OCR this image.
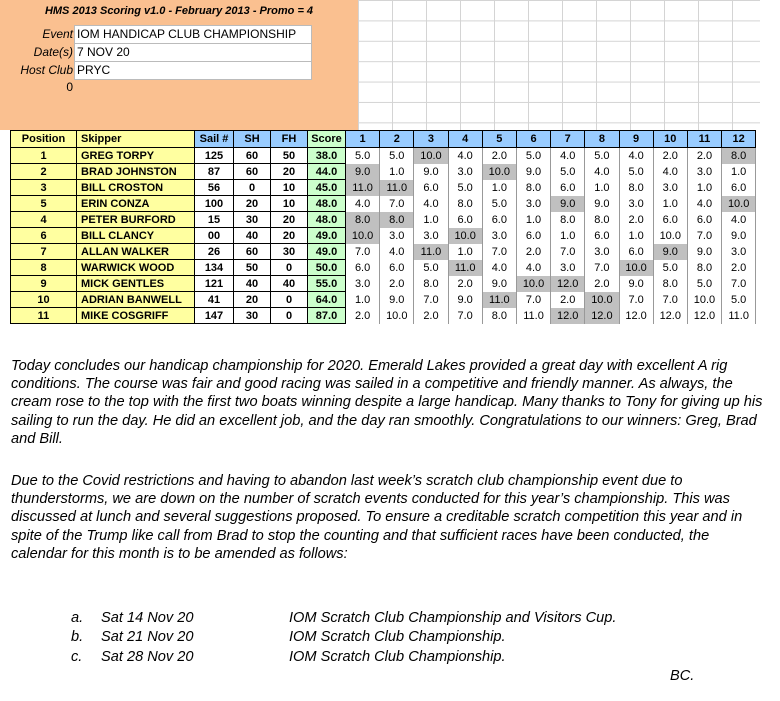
HMS 2013 Scoring v1.0 - February 2013 - Promo = 4
Event IOM HANDICAP CLUB CHAMPIONSHIP
Date(s) 7 NOV 20
Host Club PRYC
0
Position	Skipper	Sail #	SH	FH	Score	1	2	3	4	5	6	7	8	9	10	11	12
1	GREG TORPY	125	60	50	38.0	5.0	5.0	10.0	4.0	2.0	5.0	4.0	5.0	4.0	2.0	2.0	8.0
2	BRAD JOHNSTON	87	60	20	44.0	9.0	1.0	9.0	3.0	10.0	9.0	5.0	4.0	5.0	4.0	3.0	1.0
3	BILL CROSTON	56	0	10	45.0	11.0	11.0	6.0	5.0	1.0	8.0	6.0	1.0	8.0	3.0	1.0	6.0
5	ERIN CONZA	100	20	10	48.0	4.0	7.0	4.0	8.0	5.0	3.0	9.0	9.0	3.0	1.0	4.0	10.0
4	PETER BURFORD	15	30	20	48.0	8.0	8.0	1.0	6.0	6.0	1.0	8.0	8.0	2.0	6.0	6.0	4.0
6	BILL CLANCY	00	40	20	49.0	10.0	3.0	3.0	10.0	3.0	6.0	1.0	6.0	1.0	10.0	7.0	9.0
7	ALLAN WALKER	26	60	30	49.0	7.0	4.0	11.0	1.0	7.0	2.0	7.0	3.0	6.0	9.0	9.0	3.0
8	WARWICK WOOD	134	50	0	50.0	6.0	6.0	5.0	11.0	4.0	4.0	3.0	7.0	10.0	5.0	8.0	2.0
9	MICK GENTLES	121	40	40	55.0	3.0	2.0	8.0	2.0	9.0	10.0	12.0	2.0	9.0	8.0	5.0	7.0
10	ADRIAN BANWELL	41	20	0	64.0	1.0	9.0	7.0	9.0	11.0	7.0	2.0	10.0	7.0	7.0	10.0	5.0
11	MIKE COSGRIFF	147	30	0	87.0	2.0	10.0	2.0	7.0	8.0	11.0	12.0	12.0	12.0	12.0	12.0	11.0

Today concludes our handicap championship for 2020. Emerald Lakes provided a great day with excellent A rig conditions. The course was fair and good racing was sailed in a competitive and friendly manner. As always, the cream rose to the top with the first two boats winning despite a large handicap. Many thanks to Tony for giving up his sailing to run the day. He did an excellent job, and the day ran smoothly. Congratulations to our winners: Greg, Brad and Bill.

Due to the Covid restrictions and having to abandon last week’s scratch club championship event due to thunderstorms, we are down on the number of scratch events conducted for this year’s championship. This was discussed at lunch and several suggestions proposed. To ensure a creditable scratch competition this year and in spite of the Trump like call from Brad to stop the counting and that sufficient races have been conducted, the calendar for this month is to be amended as follows:

a.	Sat 14 Nov 20	IOM Scratch Club Championship and Visitors Cup.
b.	Sat 21 Nov 20	IOM Scratch Club Championship.
c.	Sat 28 Nov 20	IOM Scratch Club Championship.
BC.
